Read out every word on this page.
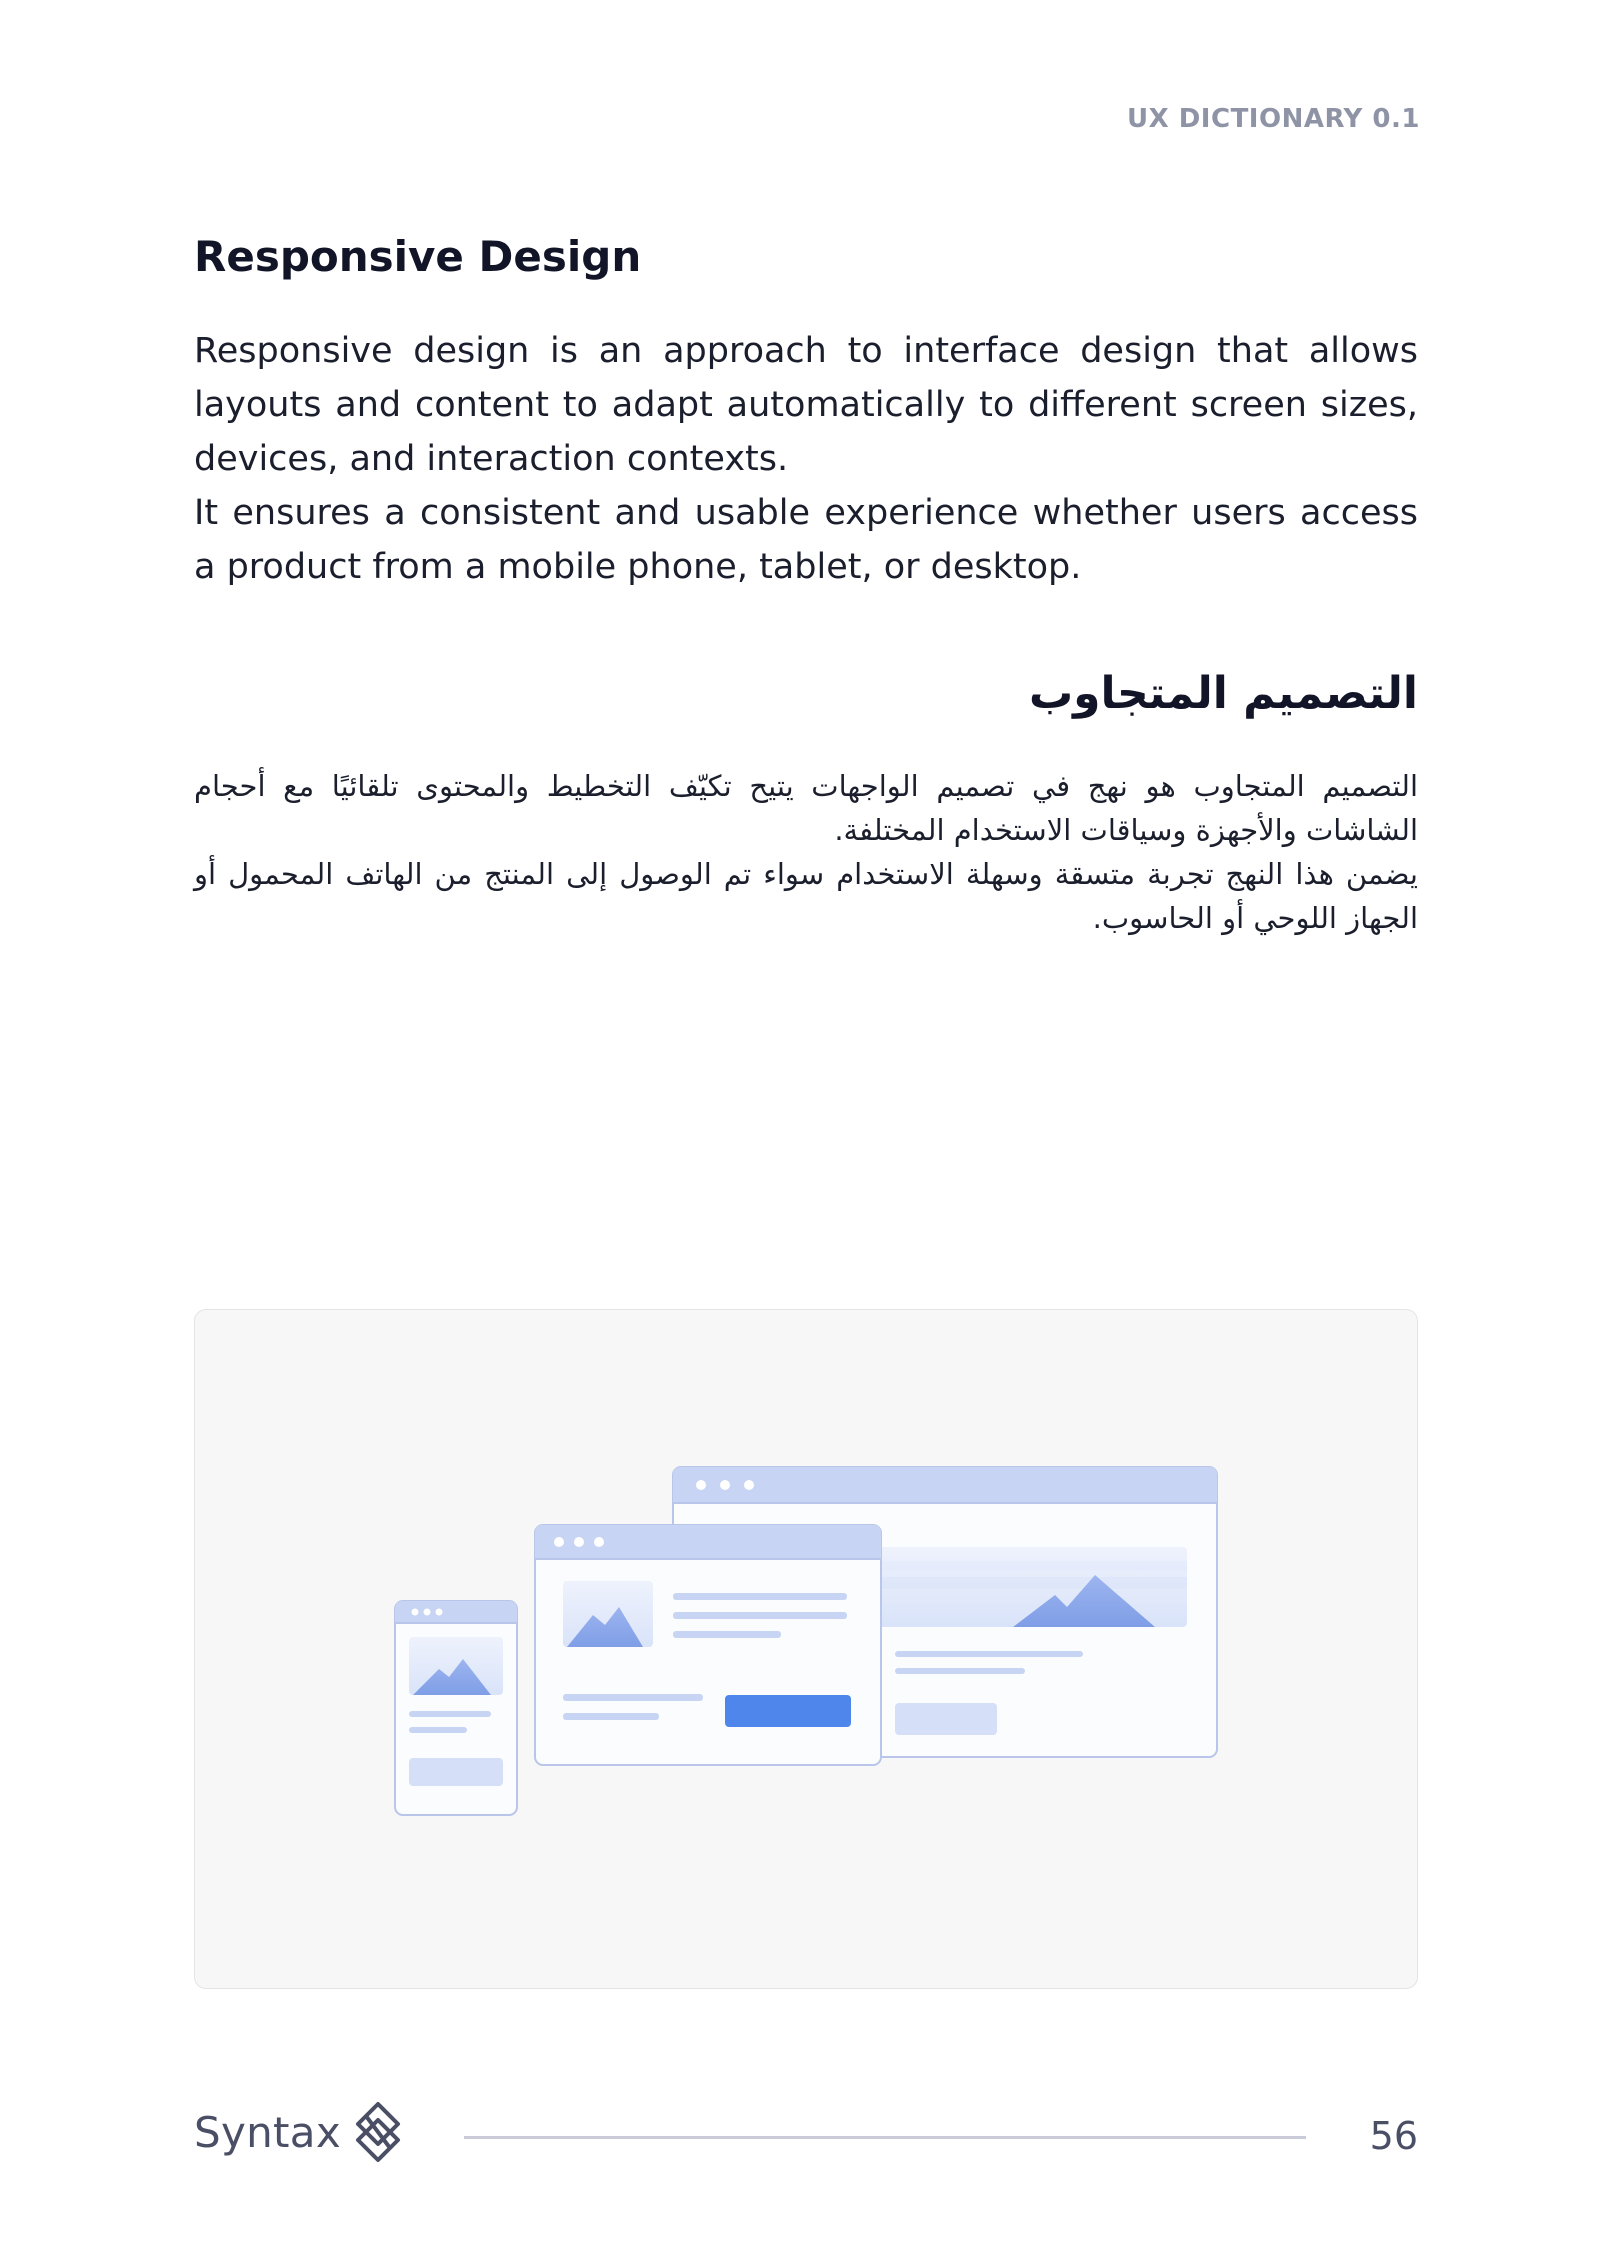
UX DICTIONARY 0.1
Responsive Design

Responsive design is an approach to interface design that allows layouts and content to adapt automatically to different screen sizes, devices, and interaction contexts.

It ensures a consistent and usable experience whether users access a product from a mobile phone, tablet, or desktop.

التصميم المتجاوب

التصميم المتجاوب هو نهج في تصميم الواجهات يتيح تكيّف التخطيط والمحتوى تلقائيًا مع أحجام الشاشات والأجهزة وسياقات الاستخدام المختلفة.

يضمن هذا النهج تجربة متسقة وسهلة الاستخدام سواء تم الوصول إلى المنتج من الهاتف المحمول أو الجهاز اللوحي أو الحاسوب.

Syntax	56
